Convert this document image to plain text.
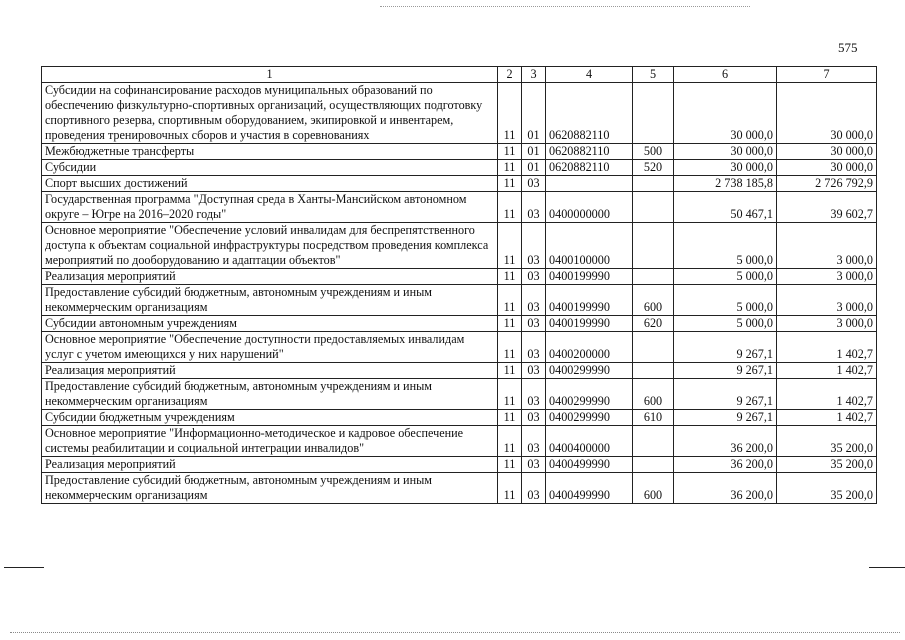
575
1	2	3	4	5	6	7
Субсидии на софинансирование расходов муниципальных образований по обеспечению физкультурно-спортивных организаций, осуществляющих подготовку спортивного резерва, спортивным оборудованием, экипировкой и инвентарем, проведения тренировочных сборов и участия в соревнованиях	11	01	0620882110		30 000,0	30 000,0
Межбюджетные трансферты	11	01	0620882110	500	30 000,0	30 000,0
Субсидии	11	01	0620882110	520	30 000,0	30 000,0
Спорт высших достижений	11	03			2 738 185,8	2 726 792,9
Государственная программа "Доступная среда в Ханты-Мансийском автономном округе – Югре на 2016–2020 годы"	11	03	0400000000		50 467,1	39 602,7
Основное мероприятие "Обеспечение условий инвалидам для беспрепятственного доступа к объектам социальной инфраструктуры посредством проведения комплекса мероприятий по дооборудованию и адаптации объектов"	11	03	0400100000		5 000,0	3 000,0
Реализация мероприятий	11	03	0400199990		5 000,0	3 000,0
Предоставление субсидий бюджетным, автономным учреждениям и иным некоммерческим организациям	11	03	0400199990	600	5 000,0	3 000,0
Субсидии автономным учреждениям	11	03	0400199990	620	5 000,0	3 000,0
Основное мероприятие "Обеспечение доступности предоставляемых инвалидам услуг с учетом имеющихся у них нарушений"	11	03	0400200000		9 267,1	1 402,7
Реализация мероприятий	11	03	0400299990		9 267,1	1 402,7
Предоставление субсидий бюджетным, автономным учреждениям и иным некоммерческим организациям	11	03	0400299990	600	9 267,1	1 402,7
Субсидии бюджетным учреждениям	11	03	0400299990	610	9 267,1	1 402,7
Основное мероприятие "Информационно-методическое и кадровое обеспечение системы реабилитации и социальной интеграции инвалидов"	11	03	0400400000		36 200,0	35 200,0
Реализация мероприятий	11	03	0400499990		36 200,0	35 200,0
Предоставление субсидий бюджетным, автономным учреждениям и иным некоммерческим организациям	11	03	0400499990	600	36 200,0	35 200,0
